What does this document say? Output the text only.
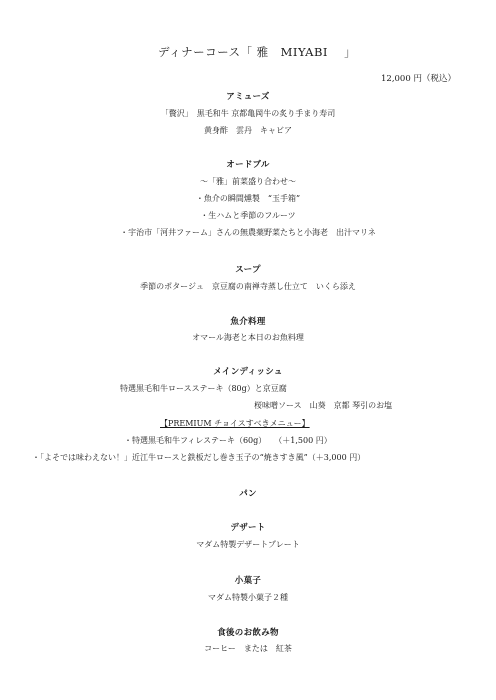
ディナーコース「 雅　MIYABI　 」
12,000 円（税込）
アミューズ
「贅沢」　黒毛和牛 京都亀岡牛の炙り手まり寿司
黄身酢　雲丹　キャビア
オードブル
～「雅」前菜盛り合わせ～
・魚介の瞬間燻製　“玉手箱”
・生ハムと季節のフルーツ
・宇治市「河井ファーム」さんの無農薬野菜たちと小海老　出汁マリネ
スープ
季節のポタージュ　京豆腐の南禅寺蒸し仕立て　いくら添え
魚介料理
オマール海老と本日のお魚料理
メインディッシュ
特選黒毛和牛ロースステーキ（80g）と京豆腐
桜味噌ソース　山葵　京都 琴引のお塩
【PREMIUM チョイスすべきメニュー】
・特選黒毛和牛フィレステーキ（60g）　　（＋1,500 円）
・「よそでは味わえない！」近江牛ロースと鉄板だし巻き玉子の“焼きすき風”（＋3,000 円）
パン
デザート
マダム特製デザートプレート
小菓子
マダム特製小菓子２種
食後のお飲み物
コーヒー　または　紅茶
